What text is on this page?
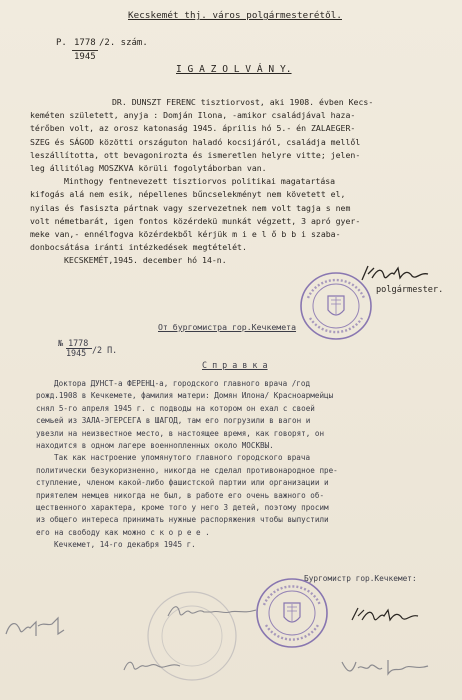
Kecskemét thj. város polgármesterétől.
P. 1778
1945
/2. szám.
I G A Z O L V Á N Y.
DR. DUNSZT FERENC tisztiorvost, aki 1908. évben Kecs-
keméten született, anyja : Domján Ilona, -amikor családjával haza-
térőben volt, az orosz katonaság 1945. április hó 5.- én ZALAEGER-
SZEG és SÁGOD közötti országuton haladó kocsijáról, családja mellől
leszállította, ott bevagonirozta és ismeretlen helyre vitte; jelen-
leg állitólag MOSZKVA körüli fogolytáborban van.
Minthogy fentnevezett tisztiorvos politikai magatartása
kifogás alá nem esik, népellenes bűncselekményt nem követett el,
nyilas és fasiszta pártnak vagy szervezetnek nem volt tagja s nem
volt németbarát, igen fontos közérdekü munkát végzett, 3 apró gyer-
meke van,- ennélfogva közérdekből kérjük m i e l ő b b i szaba-
donbocsátása iránti intézkedések megtételét.
KECSKEMÉT,1945. december hó 14-n.
polgármester.
От бургомистра гор.Кечкемета
№ 1778
1945 /2 П.
С п р а в к а
Доктора ДУНСТ-а ФЕРЕНЦ-а, городского главного врача /год
рожд.1908 в Кечкемете, фамилия матери: Домян Илона/ Красноармейцы
снял 5-го апреля 1945 г. с подводы на котором он ехал с своей
семьей из ЗАЛА-ЭГЕРСЕГА в ШАГОД, там его погрузили в вагон и
увезли на неизвестное место, в настоящее время, как говорят, он
находится в одном лагере военнопленных около МОСКВЫ.
Так как настроение упомянутого главного городского врача
политически безукоризненно, никогда не сделал противонародное пре-
ступление, членом какой-либо фашистской партии или организации и
приятелем немцев никогда не был, в работе его очень важного об-
щественного характера, кроме того у него 3 детей, поэтому просим
из общего интереса принимать нужные распоряжения чтобы выпустили
его на свободу как можно с к о р е е .
Кечкемет, 14-го декабря 1945 г.
Бургомистр гор.Кечкемет:
